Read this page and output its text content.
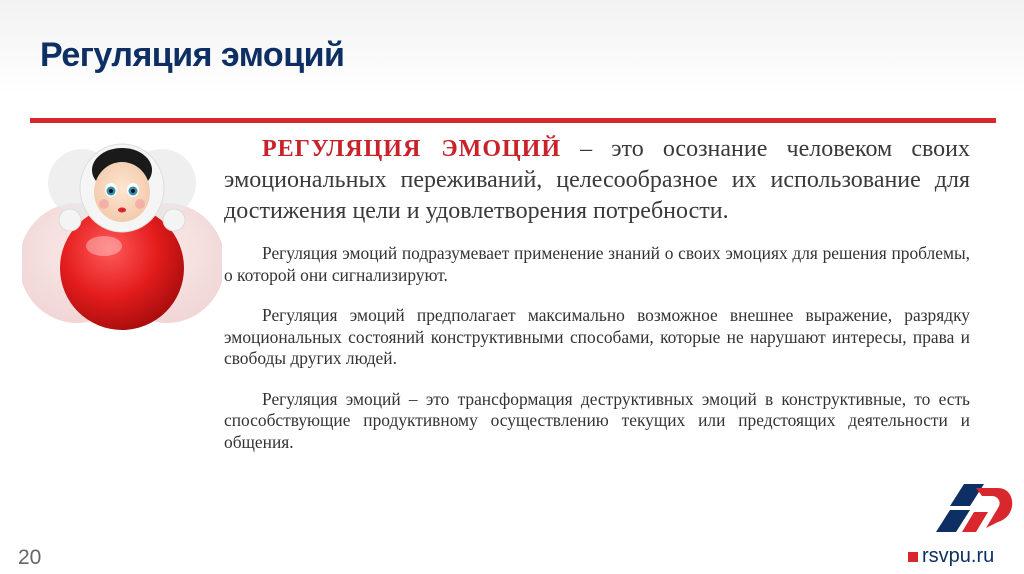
Регуляция эмоций

РЕГУЛЯЦИЯ ЭМОЦИЙ – это осознание человеком своих эмоциональных переживаний, целесообразное их использование для достижения цели и удовлетворения потребности.

Регуляция эмоций подразумевает применение знаний о своих эмоциях для решения проблемы, о которой они сигнализируют.

Регуляция эмоций предполагает максимально возможное внешнее выражение, разрядку эмоциональных состояний конструктивными способами, которые не нарушают интересы, права и свободы других людей.

Регуляция эмоций – это трансформация деструктивных эмоций в конструктивные, то есть способствующие продуктивному осуществлению текущих или предстоящих деятельности и общения.

rsvpu.ru
20
